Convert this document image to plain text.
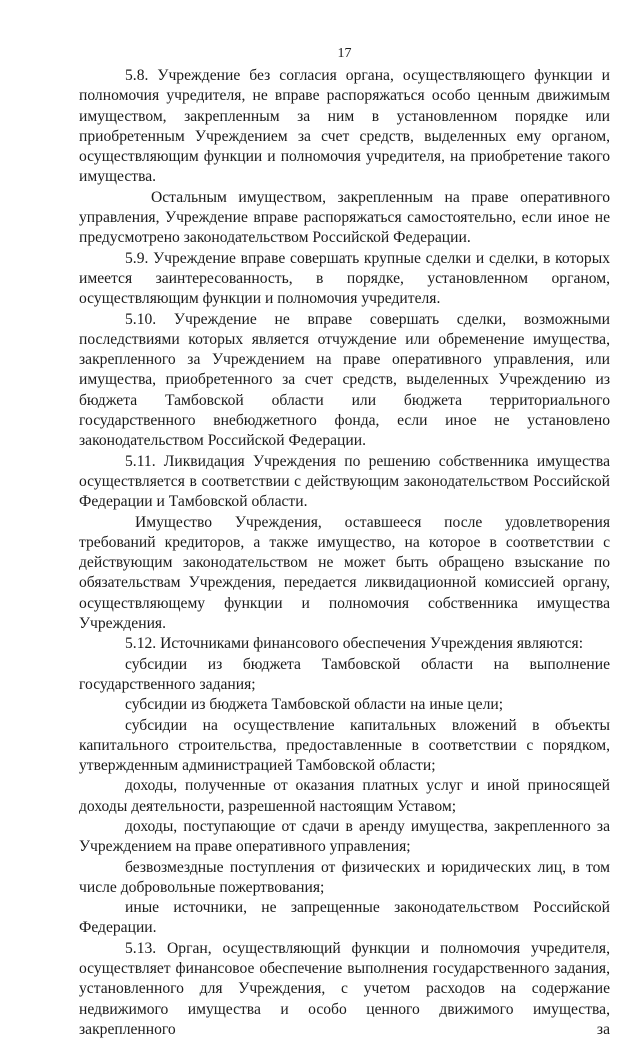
17

5.8. Учреждение без согласия органа, осуществляющего функции и полномочия учредителя, не вправе распоряжаться особо ценным движимым имуществом, закрепленным за ним в установленном порядке или приобретенным Учреждением за счет средств, выделенных ему органом, осуществляющим функции и полномочия учредителя, на приобретение такого имущества.

Остальным имуществом, закрепленным на праве оперативного управления, Учреждение вправе распоряжаться самостоятельно, если иное не предусмотрено законодательством Российской Федерации.

5.9. Учреждение вправе совершать крупные сделки и сделки, в которых имеется заинтересованность, в порядке, установленном органом, осуществляющим функции и полномочия учредителя.

5.10. Учреждение не вправе совершать сделки, возможными последствиями которых является отчуждение или обременение имущества, закрепленного за Учреждением на праве оперативного управления, или имущества, приобретенного за счет средств, выделенных Учреждению из бюджета Тамбовской области или бюджета территориального государственного внебюджетного фонда, если иное не установлено законодательством Российской Федерации.

5.11. Ликвидация Учреждения по решению собственника имущества осуществляется в соответствии с действующим законодательством Российской Федерации и Тамбовской области.

Имущество Учреждения, оставшееся после удовлетворения требований кредиторов, а также имущество, на которое в соответствии с действующим законодательством не может быть обращено взыскание по обязательствам Учреждения, передается ликвидационной комиссией органу, осуществляющему функции и полномочия собственника имущества Учреждения.

5.12. Источниками финансового обеспечения Учреждения являются:

субсидии из бюджета Тамбовской области на выполнение государственного задания;

субсидии из бюджета Тамбовской области на иные цели;

субсидии на осуществление капитальных вложений в объекты капитального строительства, предоставленные в соответствии с порядком, утвержденным администрацией Тамбовской области;

доходы, полученные от оказания платных услуг и иной приносящей доходы деятельности, разрешенной настоящим Уставом;

доходы, поступающие от сдачи в аренду имущества, закрепленного за Учреждением на праве оперативного управления;

безвозмездные поступления от физических и юридических лиц, в том числе добровольные пожертвования;

иные источники, не запрещенные законодательством Российской Федерации.

5.13. Орган, осуществляющий функции и полномочия учредителя, осуществляет финансовое обеспечение выполнения государственного задания, установленного для Учреждения, с учетом расходов на содержание недвижимого имущества и особо ценного движимого имущества, закрепленного за
